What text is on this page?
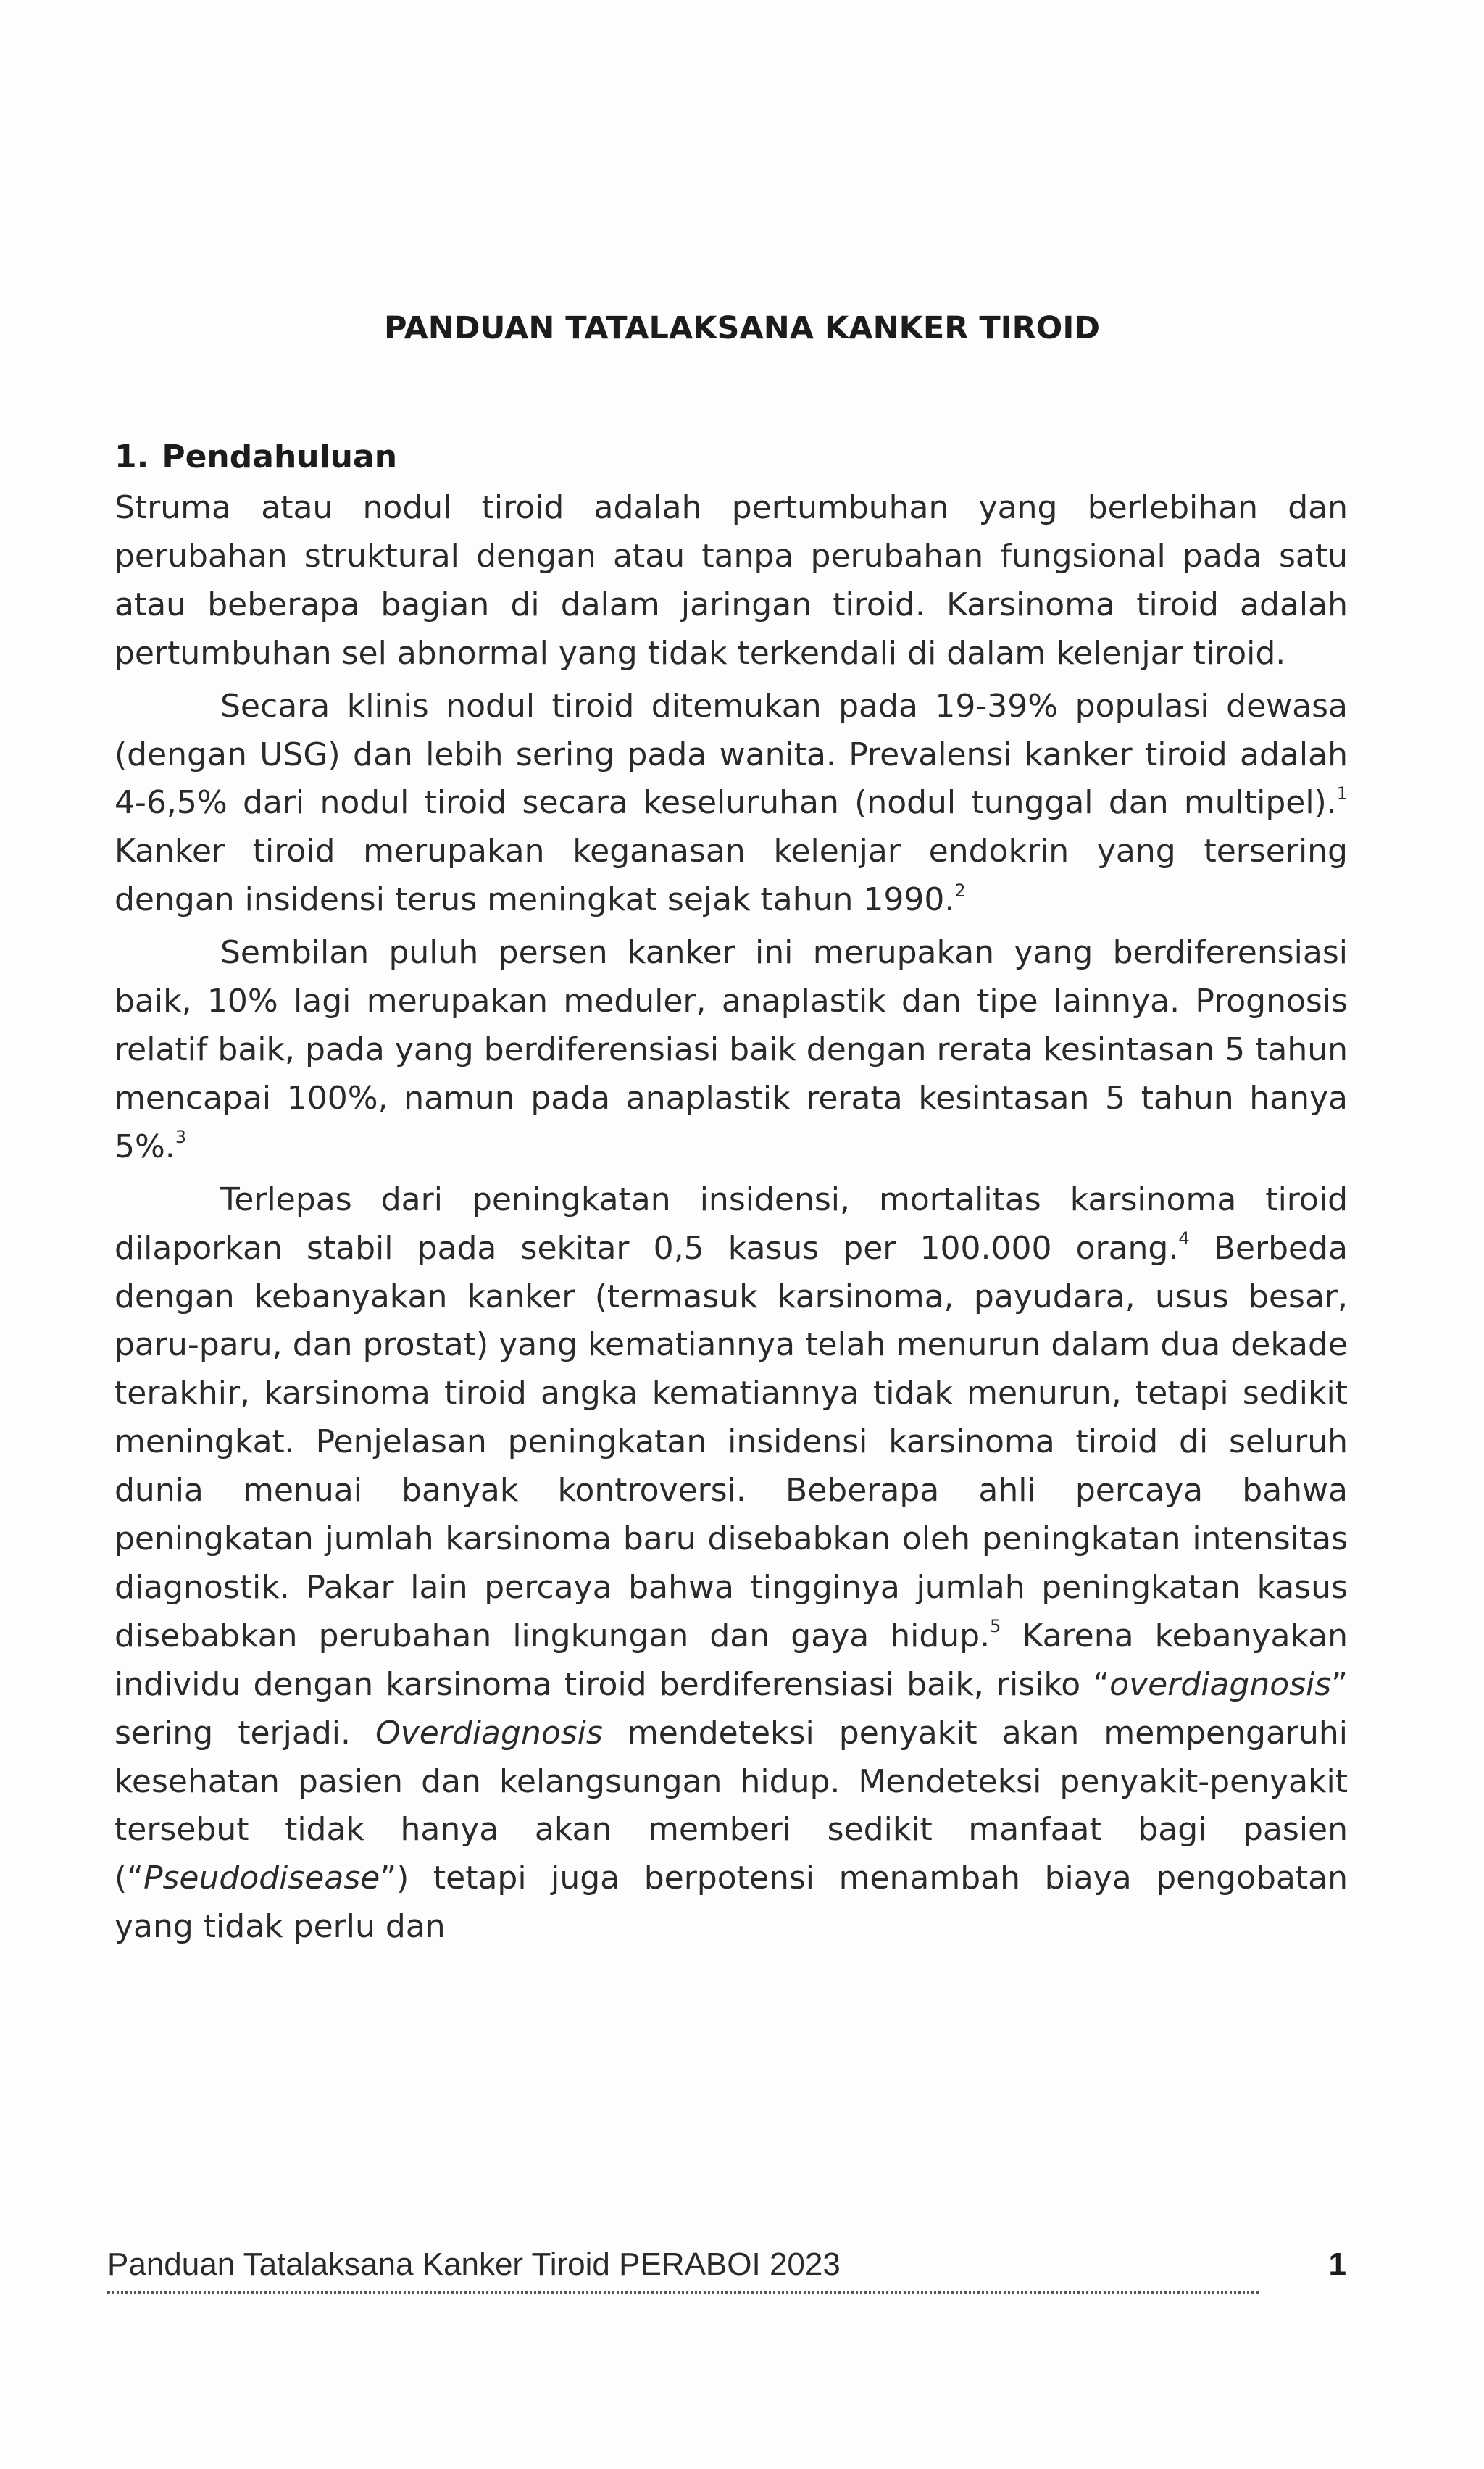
PANDUAN TATALAKSANA KANKER TIROID
1. Pendahuluan

Struma atau nodul tiroid adalah pertumbuhan yang berlebihan dan perubahan struktural dengan atau tanpa perubahan fungsional pada satu atau beberapa bagian di dalam jaringan tiroid. Karsinoma tiroid adalah pertumbuhan sel abnormal yang tidak terkendali di dalam kelenjar tiroid.

Secara klinis nodul tiroid ditemukan pada 19-39% populasi dewasa (dengan USG) dan lebih sering pada wanita. Prevalensi kanker tiroid adalah 4-6,5% dari nodul tiroid secara keseluruhan (nodul tunggal dan multipel).$^1$ Kanker tiroid merupakan keganasan kelenjar endokrin yang tersering dengan insidensi terus meningkat sejak tahun 1990.$^2$

Sembilan puluh persen kanker ini merupakan yang berdiferensiasi baik, 10% lagi merupakan meduler, anaplastik dan tipe lainnya. Prognosis relatif baik, pada yang berdiferensiasi baik dengan rerata kesintasan 5 tahun mencapai 100%, namun pada anaplastik rerata kesintasan 5 tahun hanya 5%.$^3$

Terlepas dari peningkatan insidensi, mortalitas karsinoma tiroid dilaporkan stabil pada sekitar 0,5 kasus per 100.000 orang.$^4$ Berbeda dengan kebanyakan kanker (termasuk karsinoma, payudara, usus besar, paru-paru, dan prostat) yang kematiannya telah menurun dalam dua dekade terakhir, karsinoma tiroid angka kematiannya tidak menurun, tetapi sedikit meningkat. Penjelasan peningkatan insidensi karsinoma tiroid di seluruh dunia menuai banyak kontroversi. Beberapa ahli percaya bahwa peningkatan jumlah karsinoma baru disebabkan oleh peningkatan intensitas diagnostik. Pakar lain percaya bahwa tingginya jumlah peningkatan kasus disebabkan perubahan lingkungan dan gaya hidup.$^5$ Karena kebanyakan individu dengan karsinoma tiroid berdiferensiasi baik, risiko “overdiagnosis” sering terjadi. Overdiagnosis mendeteksi penyakit akan mempengaruhi kesehatan pasien dan kelangsungan hidup. Mendeteksi penyakit-penyakit tersebut tidak hanya akan memberi sedikit manfaat bagi pasien (“Pseudodisease”) tetapi juga berpotensi menambah biaya pengobatan yang tidak perlu dan

Panduan Tatalaksana Kanker Tiroid PERABOI 2023	1
